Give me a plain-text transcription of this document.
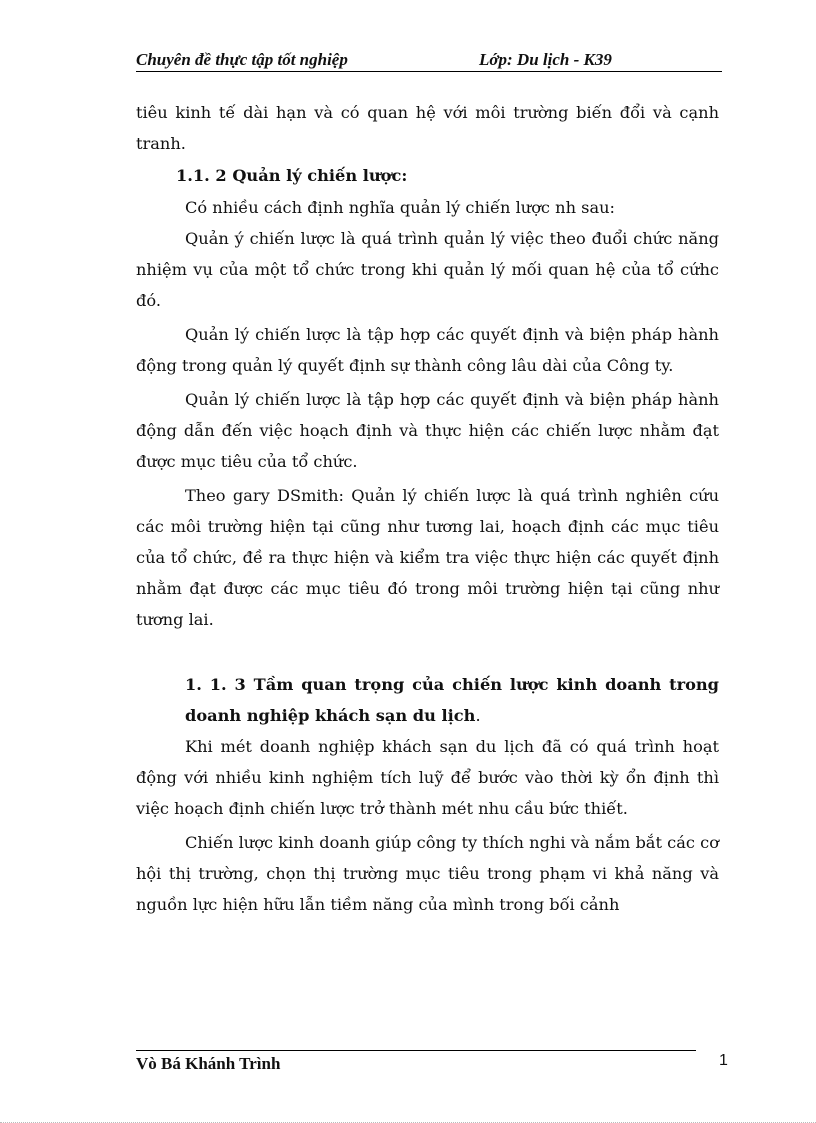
Chuyên đề thực tập tốt nghiệp	Lớp: Du lịch - K39

tiêu kinh tế dài hạn và có quan hệ với môi trường biến đổi và cạnh tranh.

1.1. 2 Quản lý chiến lược:

Có nhiều cách định nghĩa quản lý chiến lược nh sau:

Quản ý chiến lược là quá trình quản lý việc theo đuổi chức năng nhiệm vụ của một tổ chức trong khi quản lý mối quan hệ của tổ cứhc đó.

Quản lý chiến lược là tập hợp các quyết định và biện pháp hành động trong quản lý quyết định sự thành công lâu dài của Công ty.

Quản lý chiến lược là tập hợp các quyết định và biện pháp hành động dẫn đến việc hoạch định và thực hiện các chiến lược nhằm đạt được mục tiêu của tổ chức.

Theo gary DSmith: Quản lý chiến lược là quá trình nghiên cứu các môi trường hiện tại cũng như tương lai, hoạch định các mục tiêu của tổ chức, đề ra thực hiện và kiểm tra việc thực hiện các quyết định nhằm đạt được các mục tiêu đó trong môi trường hiện tại cũng như tương lai.

1. 1. 3 Tầm quan trọng của chiến lược kinh doanh trong doanh nghiệp khách sạn du lịch.

Khi mét doanh nghiệp khách sạn du lịch đã có quá trình hoạt động với nhiều kinh nghiệm tích luỹ để bước vào thời kỳ ổn định thì việc hoạch định chiến lược trở thành mét nhu cầu bức thiết.

Chiến lược kinh doanh giúp công ty thích nghi và nắm bắt các cơ hội thị trường, chọn thị trường mục tiêu trong phạm vi khả năng và nguồn lực hiện hữu lẫn tiềm năng của mình trong bối cảnh

Vò Bá Khánh Trình	1
